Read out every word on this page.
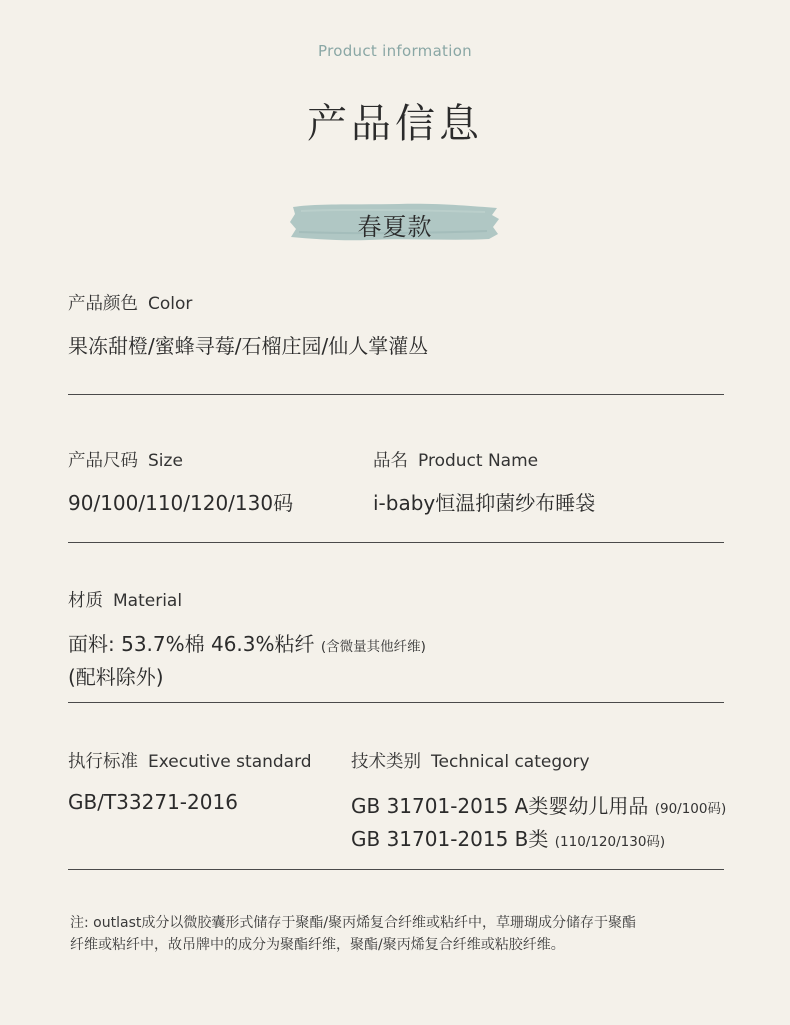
Product information
产品信息
春夏款
产品颜色 Color
果冻甜橙/蜜蜂寻莓/石榴庄园/仙人掌灌丛
产品尺码 Size
90/100/110/120/130码
品名 Product Name
i-baby恒温抑菌纱布睡袋
材质 Material
面料: 53.7%棉 46.3%粘纤 (含微量其他纤维)
(配料除外)
执行标准 Executive standard
GB/T33271-2016
技术类别 Technical category
GB 31701-2015 A类婴幼儿用品 (90/100码)
GB 31701-2015 B类 (110/120/130码)
注: outlast成分以微胶囊形式储存于聚酯/聚丙烯复合纤维或粘纤中，草珊瑚成分储存于聚酯
纤维或粘纤中，故吊牌中的成分为聚酯纤维，聚酯/聚丙烯复合纤维或粘胶纤维。
